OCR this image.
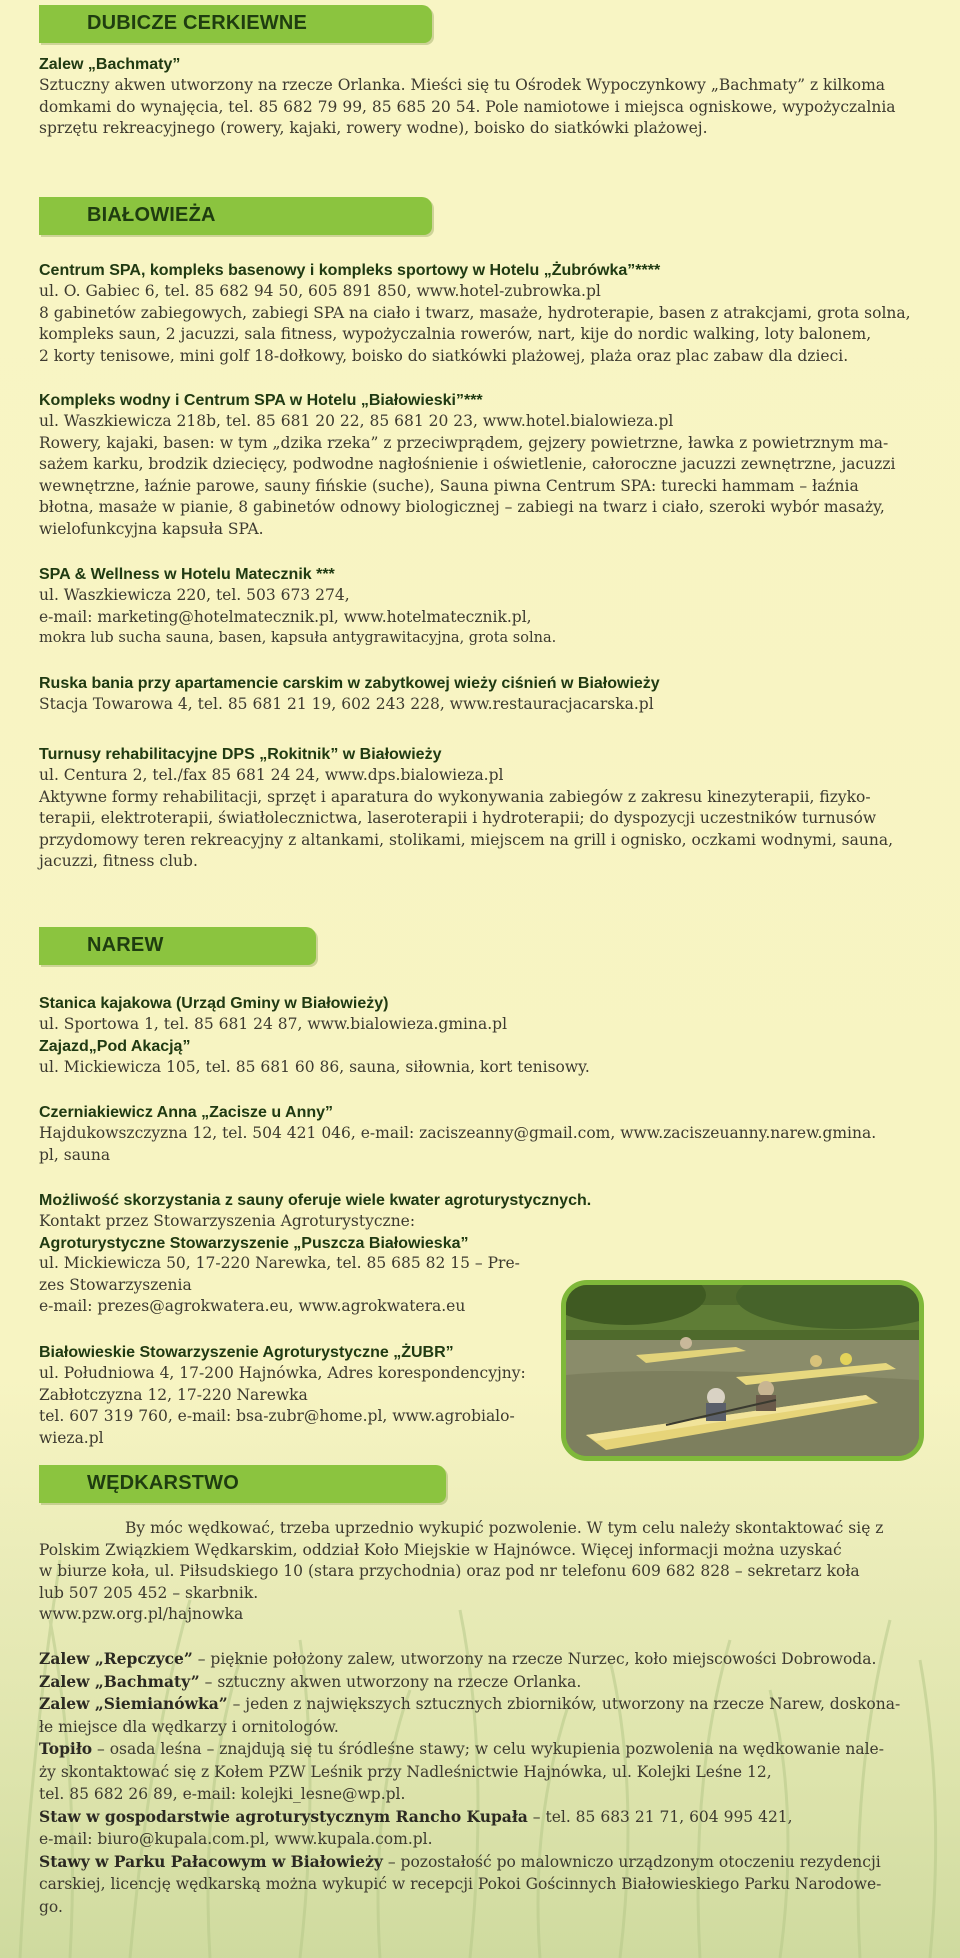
DUBICZE CERKIEWNE
Zalew „Bachmaty”
Sztuczny akwen utworzony na rzecze Orlanka. Mieści się tu Ośrodek Wypoczynkowy „Bachmaty” z kilkoma
domkami do wynajęcia, tel. 85 682 79 99, 85 685 20 54. Pole namiotowe i miejsca ogniskowe, wypożyczalnia
sprzętu rekreacyjnego (rowery, kajaki, rowery wodne), boisko do siatkówki plażowej.
BIAŁOWIEŻA
Centrum SPA, kompleks basenowy i kompleks sportowy w Hotelu „Żubrówka”****
ul. O. Gabiec 6, tel. 85 682 94 50, 605 891 850, www.hotel-zubrowka.pl
8 gabinetów zabiegowych, zabiegi SPA na ciało i twarz, masaże, hydroterapie, basen z atrakcjami, grota solna,
kompleks saun, 2 jacuzzi, sala fitness, wypożyczalnia rowerów, nart, kije do nordic walking, loty balonem,
2 korty tenisowe, mini golf 18-dołkowy, boisko do siatkówki plażowej, plaża oraz plac zabaw dla dzieci.
Kompleks wodny i Centrum SPA w Hotelu „Białowieski”***
ul. Waszkiewicza 218b, tel. 85 681 20 22, 85 681 20 23, www.hotel.bialowieza.pl
Rowery, kajaki, basen: w tym „dzika rzeka” z przeciwprądem, gejzery powietrzne, ławka z powietrznym ma-
sażem karku, brodzik dziecięcy, podwodne nagłośnienie i oświetlenie, całoroczne jacuzzi zewnętrzne, jacuzzi
wewnętrzne, łaźnie parowe, sauny fińskie (suche), Sauna piwna Centrum SPA: turecki hammam – łaźnia
błotna, masaże w pianie, 8 gabinetów odnowy biologicznej – zabiegi na twarz i ciało, szeroki wybór masaży,
wielofunkcyjna kapsuła SPA.
SPA & Wellness w Hotelu Matecznik ***
ul. Waszkiewicza 220, tel. 503 673 274,
e-mail: marketing@hotelmatecznik.pl, www.hotelmatecznik.pl,
mokra lub sucha sauna, basen, kapsuła antygrawitacyjna, grota solna.
Ruska bania przy apartamencie carskim w zabytkowej wieży ciśnień w Białowieży
Stacja Towarowa 4, tel. 85 681 21 19, 602 243 228, www.restauracjacarska.pl
Turnusy rehabilitacyjne DPS „Rokitnik” w Białowieży
ul. Centura 2, tel./fax 85 681 24 24, www.dps.bialowieza.pl
Aktywne formy rehabilitacji, sprzęt i aparatura do wykonywania zabiegów z zakresu kinezyterapii, fizyko-
terapii, elektroterapii, światłolecznictwa, laseroterapii i hydroterapii; do dyspozycji uczestników turnusów
przydomowy teren rekreacyjny z altankami, stolikami, miejscem na grill i ognisko, oczkami wodnymi, sauna,
jacuzzi, fitness club.
NAREW
Stanica kajakowa (Urząd Gminy w Białowieży)
ul. Sportowa 1, tel. 85 681 24 87, www.bialowieza.gmina.pl
Zajazd„Pod Akacją”
ul. Mickiewicza 105, tel. 85 681 60 86, sauna, siłownia, kort tenisowy.
Czerniakiewicz Anna „Zacisze u Anny”
Hajdukowszczyzna 12, tel. 504 421 046, e-mail: zaciszeanny@gmail.com, www.zaciszeuanny.narew.gmina.
pl, sauna
Możliwość skorzystania z sauny oferuje wiele kwater agroturystycznych.
Kontakt przez Stowarzyszenia Agroturystyczne:
Agroturystyczne Stowarzyszenie „Puszcza Białowieska”
ul. Mickiewicza 50, 17-220 Narewka, tel. 85 685 82 15 – Pre-
zes Stowarzyszenia
e-mail: prezes@agrokwatera.eu, www.agrokwatera.eu
Białowieskie Stowarzyszenie Agroturystyczne „ŻUBR”
ul. Południowa 4, 17-200 Hajnówka, Adres korespondencyjny:
Zabłotczyzna 12, 17-220 Narewka
tel. 607 319 760, e-mail: bsa-zubr@home.pl, www.agrobialo-
wieza.pl
WĘDKARSTWO
By móc wędkować, trzeba uprzednio wykupić pozwolenie. W tym celu należy skontaktować się z
Polskim Związkiem Wędkarskim, oddział Koło Miejskie w Hajnówce. Więcej informacji można uzyskać
w biurze koła, ul. Piłsudskiego 10 (stara przychodnia) oraz pod nr telefonu 609 682 828 – sekretarz koła
lub 507 205 452 – skarbnik.
www.pzw.org.pl/hajnowka
Zalew „Repczyce” – pięknie położony zalew, utworzony na rzecze Nurzec, koło miejscowości Dobrowoda.
Zalew „Bachmaty” – sztuczny akwen utworzony na rzecze Orlanka.
Zalew „Siemianówka” – jeden z największych sztucznych zbiorników, utworzony na rzecze Narew, doskona-
łe miejsce dla wędkarzy i ornitologów.
Topiło – osada leśna – znajdują się tu śródleśne stawy; w celu wykupienia pozwolenia na wędkowanie nale-
ży skontaktować się z Kołem PZW Leśnik przy Nadleśnictwie Hajnówka, ul. Kolejki Leśne 12,
tel. 85 682 26 89, e-mail: kolejki_lesne@wp.pl.
Staw w gospodarstwie agroturystycznym Rancho Kupała – tel. 85 683 21 71, 604 995 421,
e-mail: biuro@kupala.com.pl, www.kupala.com.pl.
Stawy w Parku Pałacowym w Białowieży – pozostałość po malowniczo urządzonym otoczeniu rezydencji
carskiej, licencję wędkarską można wykupić w recepcji Pokoi Gościnnych Białowieskiego Parku Narodowe-
go.
